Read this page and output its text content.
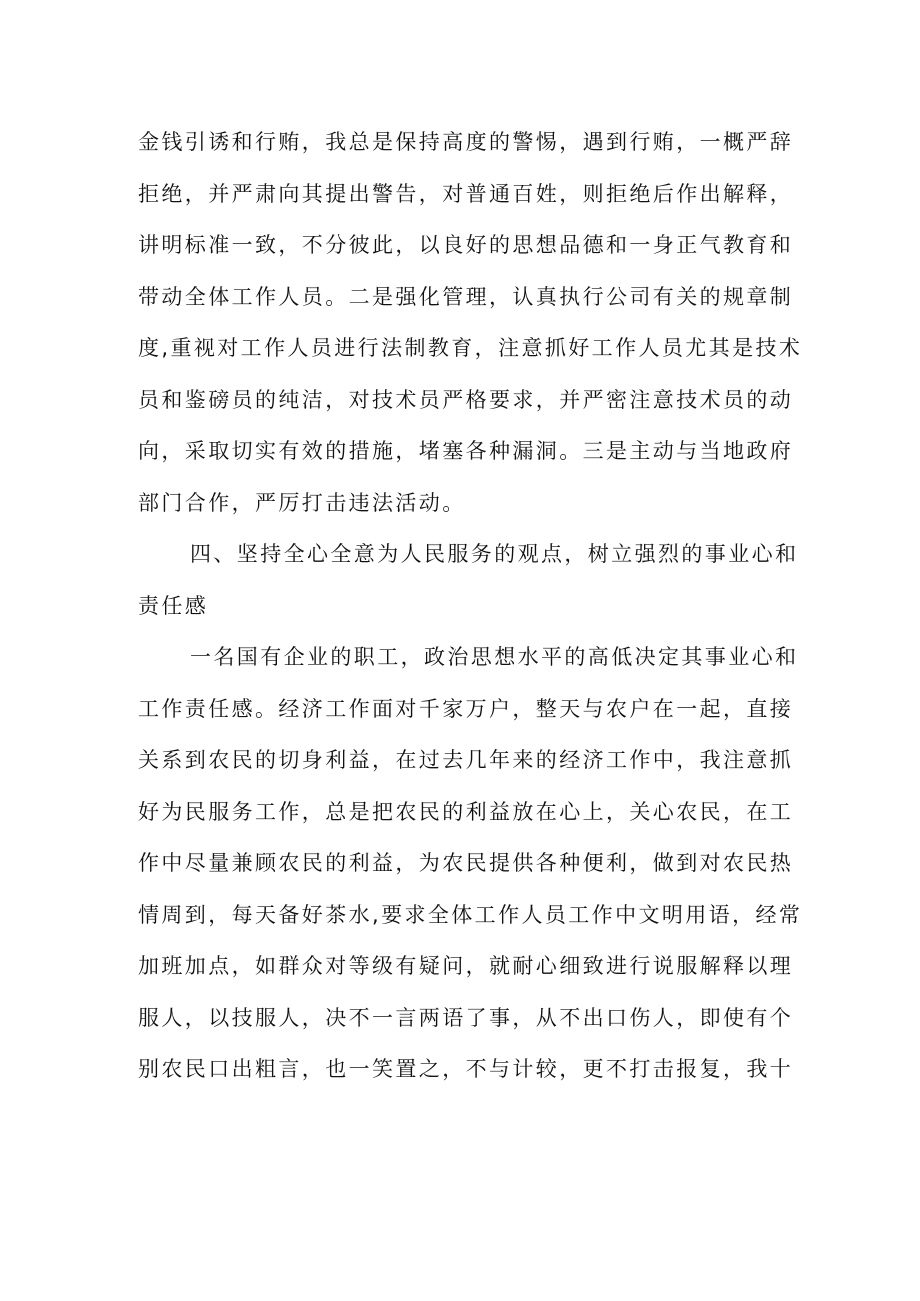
金钱引诱和行贿，我总是保持高度的警惕，遇到行贿，一概严辞
拒绝，并严肃向其提出警告，对普通百姓，则拒绝后作出解释，
讲明标准一致，不分彼此，以良好的思想品德和一身正气教育和
带动全体工作人员。二是强化管理，认真执行公司有关的规章制
度,重视对工作人员进行法制教育，注意抓好工作人员尤其是技术
员和鉴磅员的纯洁，对技术员严格要求，并严密注意技术员的动
向，采取切实有效的措施，堵塞各种漏洞。三是主动与当地政府
部门合作，严厉打击违法活动。
四、坚持全心全意为人民服务的观点，树立强烈的事业心和
责任感
一名国有企业的职工，政治思想水平的高低决定其事业心和
工作责任感。经济工作面对千家万户，整天与农户在一起，直接
关系到农民的切身利益，在过去几年来的经济工作中，我注意抓
好为民服务工作，总是把农民的利益放在心上，关心农民，在工
作中尽量兼顾农民的利益，为农民提供各种便利，做到对农民热
情周到，每天备好茶水,要求全体工作人员工作中文明用语，经常
加班加点，如群众对等级有疑问，就耐心细致进行说服解释以理
服人，以技服人，决不一言两语了事，从不出口伤人，即使有个
别农民口出粗言，也一笑置之，不与计较，更不打击报复，我十
